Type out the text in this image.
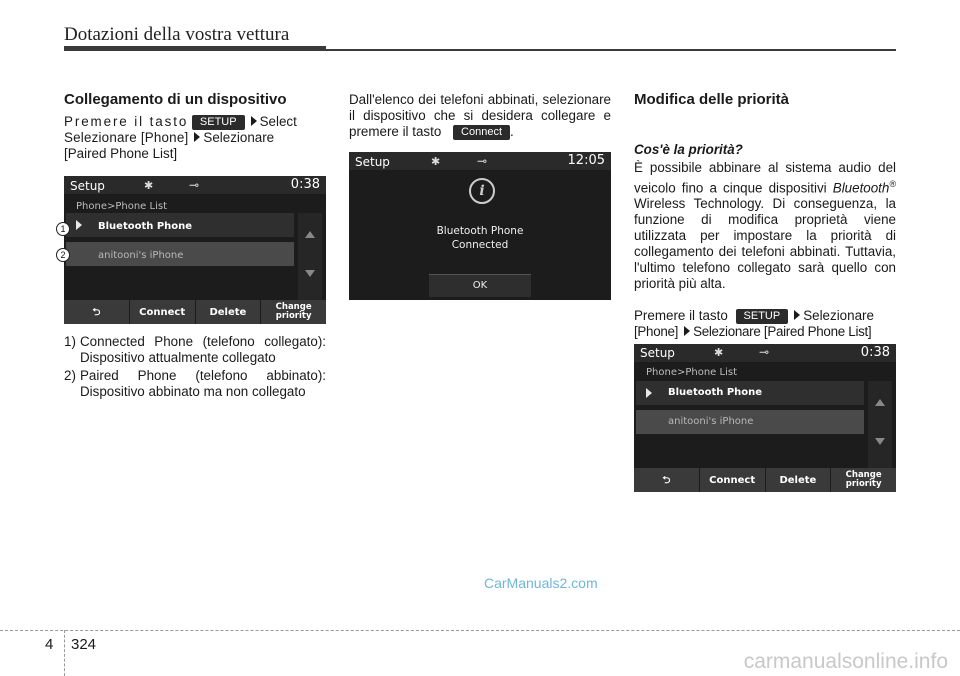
Dotazioni della vostra vettura
Collegamento di un dispositivo

Premere il tasto SETUP Select
Selezionare [Phone] Selezionare
[Paired Phone List]

Setup	✱	⊸	0:38
Phone>Phone List
Bluetooth Phone
anitooni's iPhone
⮌	Connect	Delete	Change priority
1) Connected Phone (telefono collegato): Dispositivo attualmente collegato
2) Paired Phone (telefono abbinato): Dispositivo abbinato ma non collegato
1
2

Dall'elenco dei telefoni abbinati, selezionare il dispositivo che si desidera collegare e premere il tasto Connect .

Setup	✱	⊸	12:05
i
Bluetooth Phone
Connected
OK
Modifica delle priorità
Cos'è la priorità?

È possibile abbinare al sistema audio del veicolo fino a cinque dispositivi Bluetooth® Wireless Technology. Di conseguenza, la funzione di modifica proprietà viene utilizzata per impostare la priorità di collegamento dei telefoni abbinati. Tuttavia, l'ultimo telefono collegato sarà quello con priorità più alta.

Premere il tasto SETUP Selezionare
[Phone] Selezionare [Paired Phone List]

Setup	✱	⊸	0:38
Phone>Phone List
Bluetooth Phone
anitooni's iPhone
⮌	Connect	Delete	Change priority
CarManuals2.com
4 324
carmanualsonline.info
